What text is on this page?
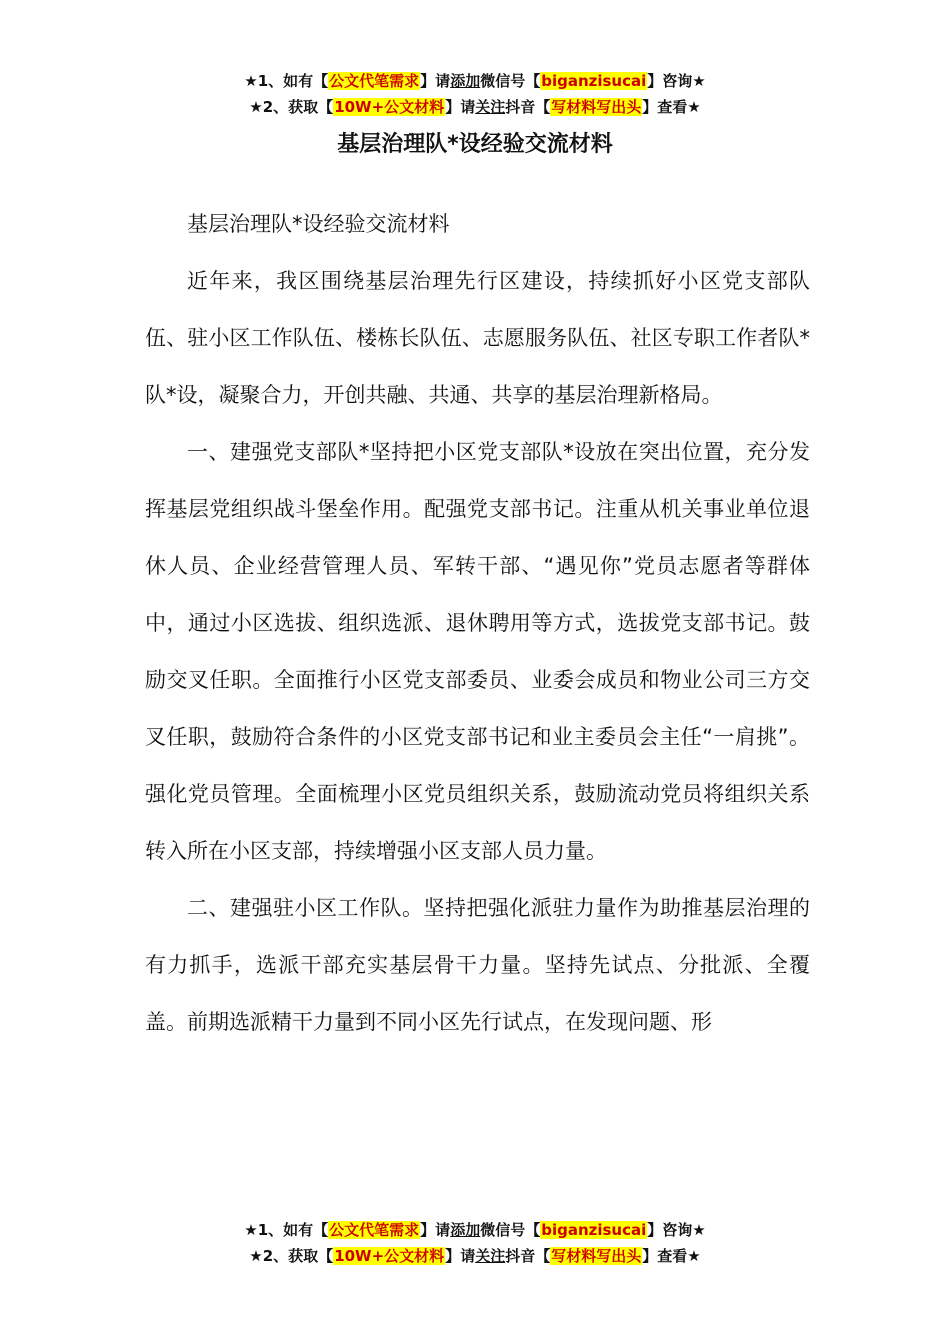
★1、如有【公文代笔需求】请添加微信号【biganzisucai】咨询★
★2、获取【10W+公文材料】请关注抖音【写材料写出头】查看★
基层治理队*设经验交流材料

基层治理队*设经验交流材料

近年来，我区围绕基层治理先行区建设，持续抓好小区党支部队伍、驻小区工作队伍、楼栋长队伍、志愿服务队伍、社区专职工作者队*队*设，凝聚合力，开创共融、共通、共享的基层治理新格局。

一、建强党支部队*坚持把小区党支部队*设放在突出位置，充分发挥基层党组织战斗堡垒作用。配强党支部书记。注重从机关事业单位退休人员、企业经营管理人员、军转干部、“遇见你”党员志愿者等群体中，通过小区选拔、组织选派、退休聘用等方式，选拔党支部书记。鼓励交叉任职。全面推行小区党支部委员、业委会成员和物业公司三方交叉任职，鼓励符合条件的小区党支部书记和业主委员会主任“一肩挑”。强化党员管理。全面梳理小区党员组织关系，鼓励流动党员将组织关系转入所在小区支部，持续增强小区支部人员力量。

二、建强驻小区工作队。坚持把强化派驻力量作为助推基层治理的有力抓手，选派干部充实基层骨干力量。坚持先试点、分批派、全覆盖。前期选派精干力量到不同小区先行试点，在发现问题、形

★1、如有【公文代笔需求】请添加微信号【biganzisucai】咨询★
★2、获取【10W+公文材料】请关注抖音【写材料写出头】查看★
